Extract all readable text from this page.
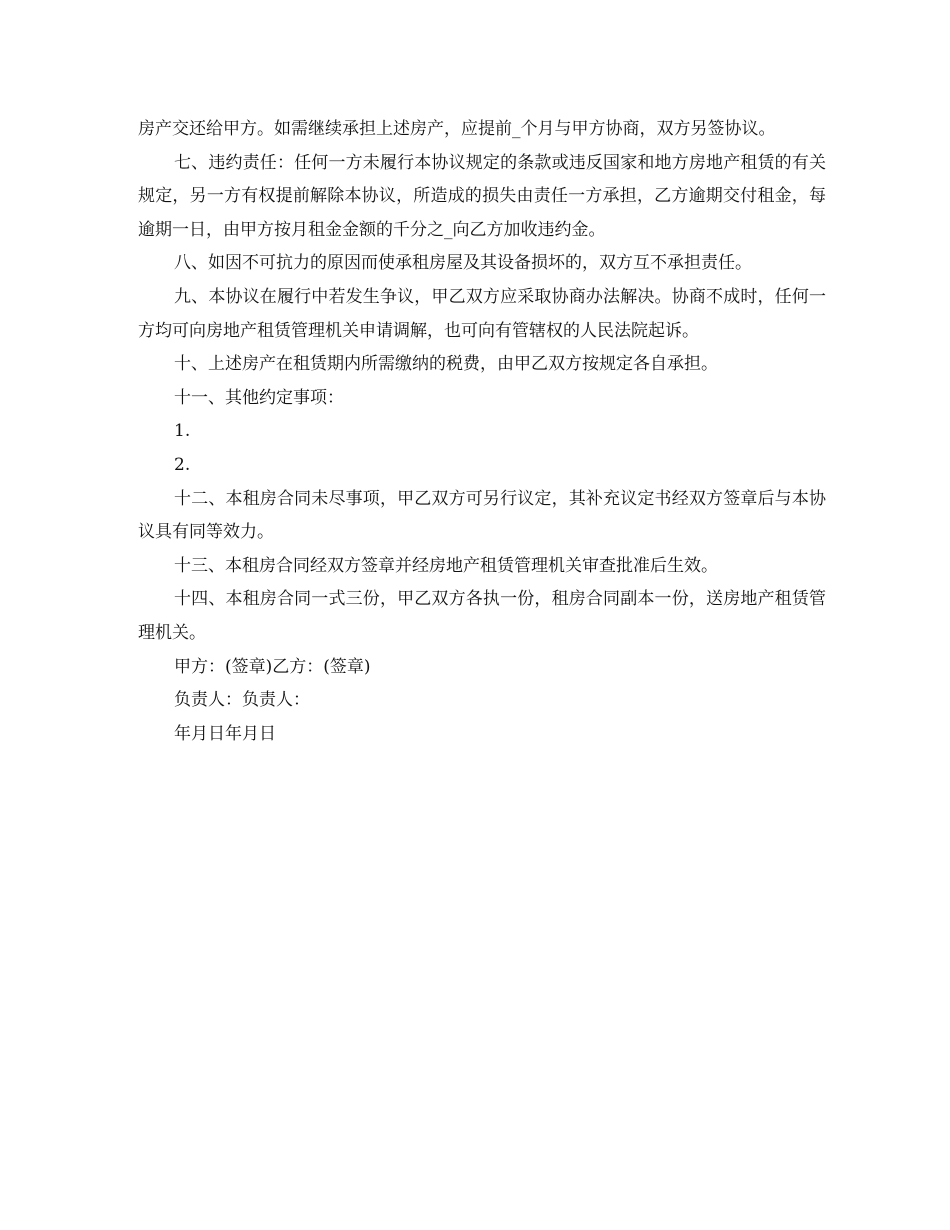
房产交还给甲方。如需继续承担上述房产，应提前_个月与甲方协商，双方另签协议。

七、违约责任：任何一方未履行本协议规定的条款或违反国家和地方房地产租赁的有关规定，另一方有权提前解除本协议，所造成的损失由责任一方承担，乙方逾期交付租金，每逾期一日，由甲方按月租金金额的千分之_向乙方加收违约金。

八、如因不可抗力的原因而使承租房屋及其设备损坏的，双方互不承担责任。

九、本协议在履行中若发生争议，甲乙双方应采取协商办法解决。协商不成时，任何一方均可向房地产租赁管理机关申请调解，也可向有管辖权的人民法院起诉。

十、上述房产在租赁期内所需缴纳的税费，由甲乙双方按规定各自承担。

十一、其他约定事项：

1.

2.

十二、本租房合同未尽事项，甲乙双方可另行议定，其补充议定书经双方签章后与本协议具有同等效力。

十三、本租房合同经双方签章并经房地产租赁管理机关审查批准后生效。

十四、本租房合同一式三份，甲乙双方各执一份，租房合同副本一份，送房地产租赁管理机关。

甲方：(签章)乙方：(签章)

负责人：负责人：

年月日年月日
